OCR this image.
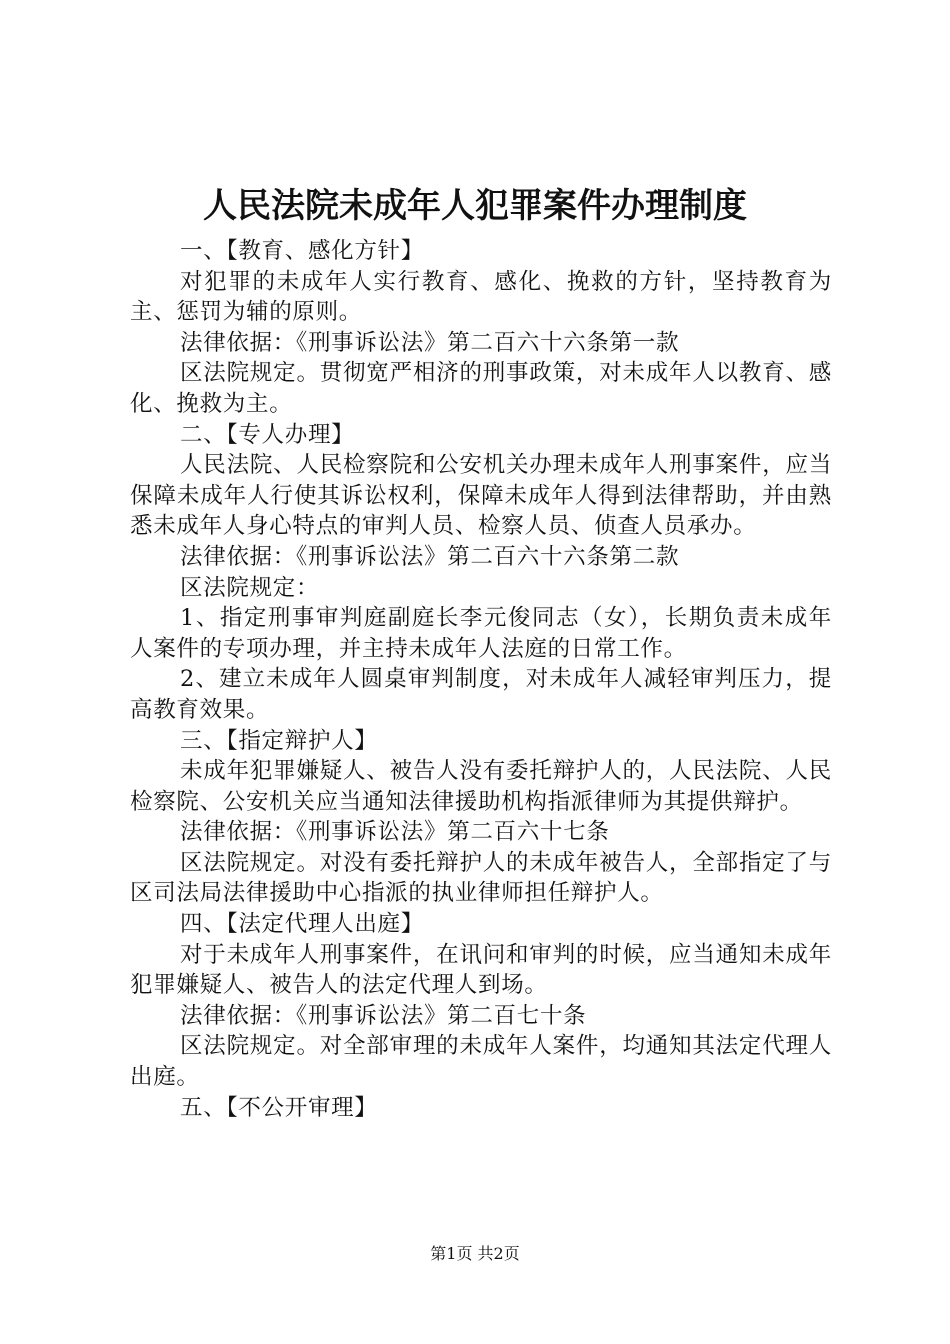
人民法院未成年人犯罪案件办理制度

一、【教育、感化方针】

对犯罪的未成年人实行教育、感化、挽救的方针，坚持教育为主、惩罚为辅的原则。

法律依据：《刑事诉讼法》第二百六十六条第一款

区法院规定。贯彻宽严相济的刑事政策，对未成年人以教育、感化、挽救为主。

二、【专人办理】

人民法院、人民检察院和公安机关办理未成年人刑事案件，应当保障未成年人行使其诉讼权利，保障未成年人得到法律帮助，并由熟悉未成年人身心特点的审判人员、检察人员、侦查人员承办。

法律依据：《刑事诉讼法》第二百六十六条第二款

区法院规定：

1、指定刑事审判庭副庭长李元俊同志（女），长期负责未成年人案件的专项办理，并主持未成年人法庭的日常工作。

2、建立未成年人圆桌审判制度，对未成年人减轻审判压力，提高教育效果。

三、【指定辩护人】

未成年犯罪嫌疑人、被告人没有委托辩护人的，人民法院、人民检察院、公安机关应当通知法律援助机构指派律师为其提供辩护。

法律依据：《刑事诉讼法》第二百六十七条

区法院规定。对没有委托辩护人的未成年被告人，全部指定了与区司法局法律援助中心指派的执业律师担任辩护人。

四、【法定代理人出庭】

对于未成年人刑事案件，在讯问和审判的时候，应当通知未成年犯罪嫌疑人、被告人的法定代理人到场。

法律依据：《刑事诉讼法》第二百七十条

区法院规定。对全部审理的未成年人案件，均通知其法定代理人出庭。

五、【不公开审理】

第1页 共2页
